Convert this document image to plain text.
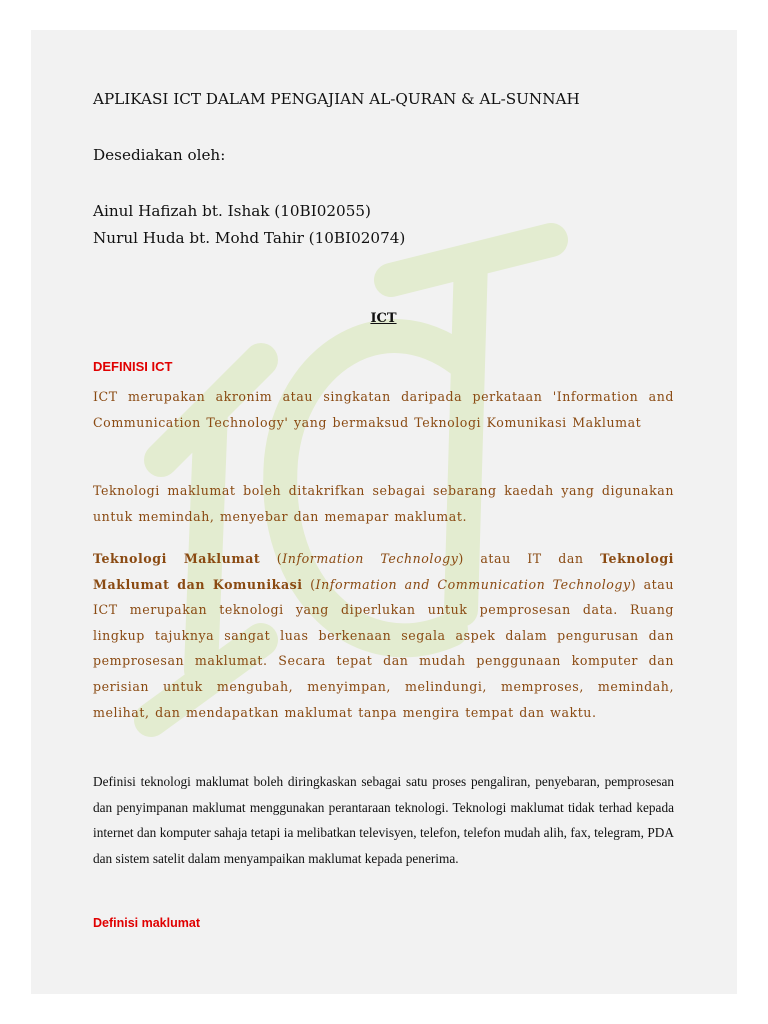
APLIKASI ICT DALAM PENGAJIAN AL-QURAN & AL-SUNNAH
Desediakan oleh:
Ainul Hafizah bt. Ishak (10BI02055)
Nurul Huda bt. Mohd Tahir (10BI02074)
ICT
DEFINISI ICT
ICT merupakan akronim atau singkatan daripada perkataan 'Information and Communication Technology' yang bermaksud Teknologi Komunikasi Maklumat
Teknologi maklumat boleh ditakrifkan sebagai sebarang kaedah yang digunakan untuk memindah, menyebar dan memapar maklumat.
Teknologi Maklumat (Information Technology) atau IT dan Teknologi Maklumat dan Komunikasi (Information and Communication Technology) atau ICT merupakan teknologi yang diperlukan untuk pemprosesan data. Ruang lingkup tajuknya sangat luas berkenaan segala aspek dalam pengurusan dan pemprosesan maklumat. Secara tepat dan mudah penggunaan komputer dan perisian untuk mengubah, menyimpan, melindungi, memproses, memindah, melihat, dan mendapatkan maklumat tanpa mengira tempat dan waktu.
Definisi teknologi maklumat boleh diringkaskan sebagai satu proses pengaliran, penyebaran, pemprosesan dan penyimpanan maklumat menggunakan perantaraan teknologi. Teknologi maklumat tidak terhad kepada internet dan komputer sahaja tetapi ia melibatkan televisyen, telefon, telefon mudah alih, fax, telegram, PDA dan sistem satelit dalam menyampaikan maklumat kepada penerima.
Definisi maklumat
